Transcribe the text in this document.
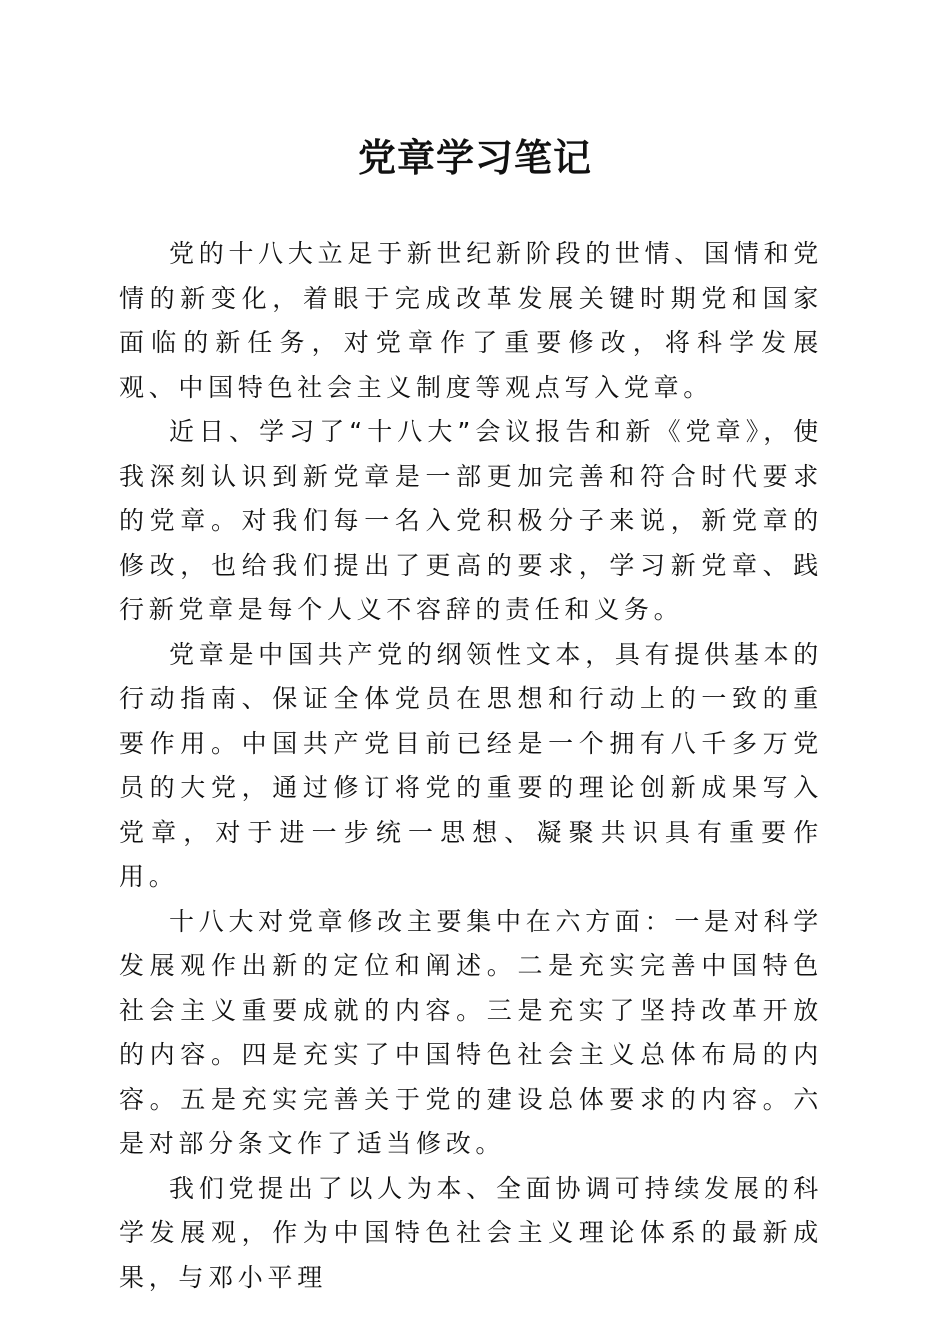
党章学习笔记

党的十八大立足于新世纪新阶段的世情、国情和党情的新变化，着眼于完成改革发展关键时期党和国家面临的新任务，对党章作了重要修改，将科学发展观、中国特色社会主义制度等观点写入党章。

近日、学习了“十八大”会议报告和新《党章》，使我深刻认识到新党章是一部更加完善和符合时代要求的党章。对我们每一名入党积极分子来说，新党章的修改，也给我们提出了更高的要求，学习新党章、践行新党章是每个人义不容辞的责任和义务。

党章是中国共产党的纲领性文本，具有提供基本的行动指南、保证全体党员在思想和行动上的一致的重要作用。中国共产党目前已经是一个拥有八千多万党员的大党，通过修订将党的重要的理论创新成果写入党章，对于进一步统一思想、凝聚共识具有重要作用。

十八大对党章修改主要集中在六方面：一是对科学发展观作出新的定位和阐述。二是充实完善中国特色社会主义重要成就的内容。三是充实了坚持改革开放的内容。四是充实了中国特色社会主义总体布局的内容。五是充实完善关于党的建设总体要求的内容。六是对部分条文作了适当修改。

我们党提出了以人为本、全面协调可持续发展的科学发展观，作为中国特色社会主义理论体系的最新成果，与邓小平理
